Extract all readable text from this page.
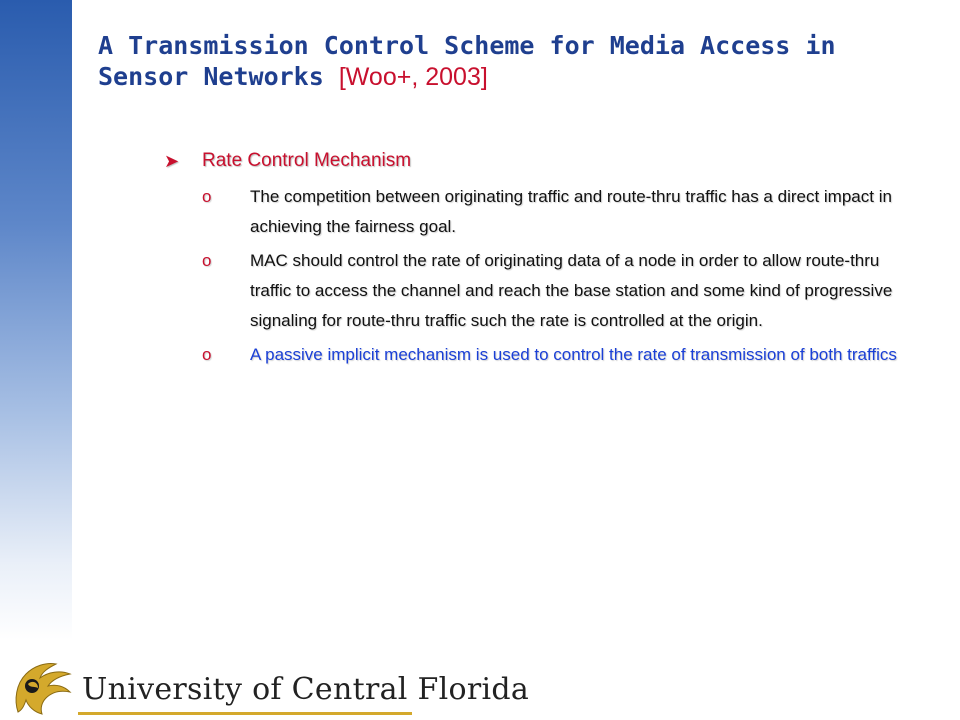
A Transmission Control Scheme for Media Access in Sensor Networks [Woo+, 2003]
➤ Rate Control Mechanism
o The competition between originating traffic and route-thru traffic has a direct impact in achieving the fairness goal.
o MAC should control the rate of originating data of a node in order to allow route-thru traffic to access the channel and reach the base station and some kind of progressive signaling for route-thru traffic such the rate is controlled at the origin.
o A passive implicit mechanism is used to control the rate of transmission of both traffics
University of Central Florida
